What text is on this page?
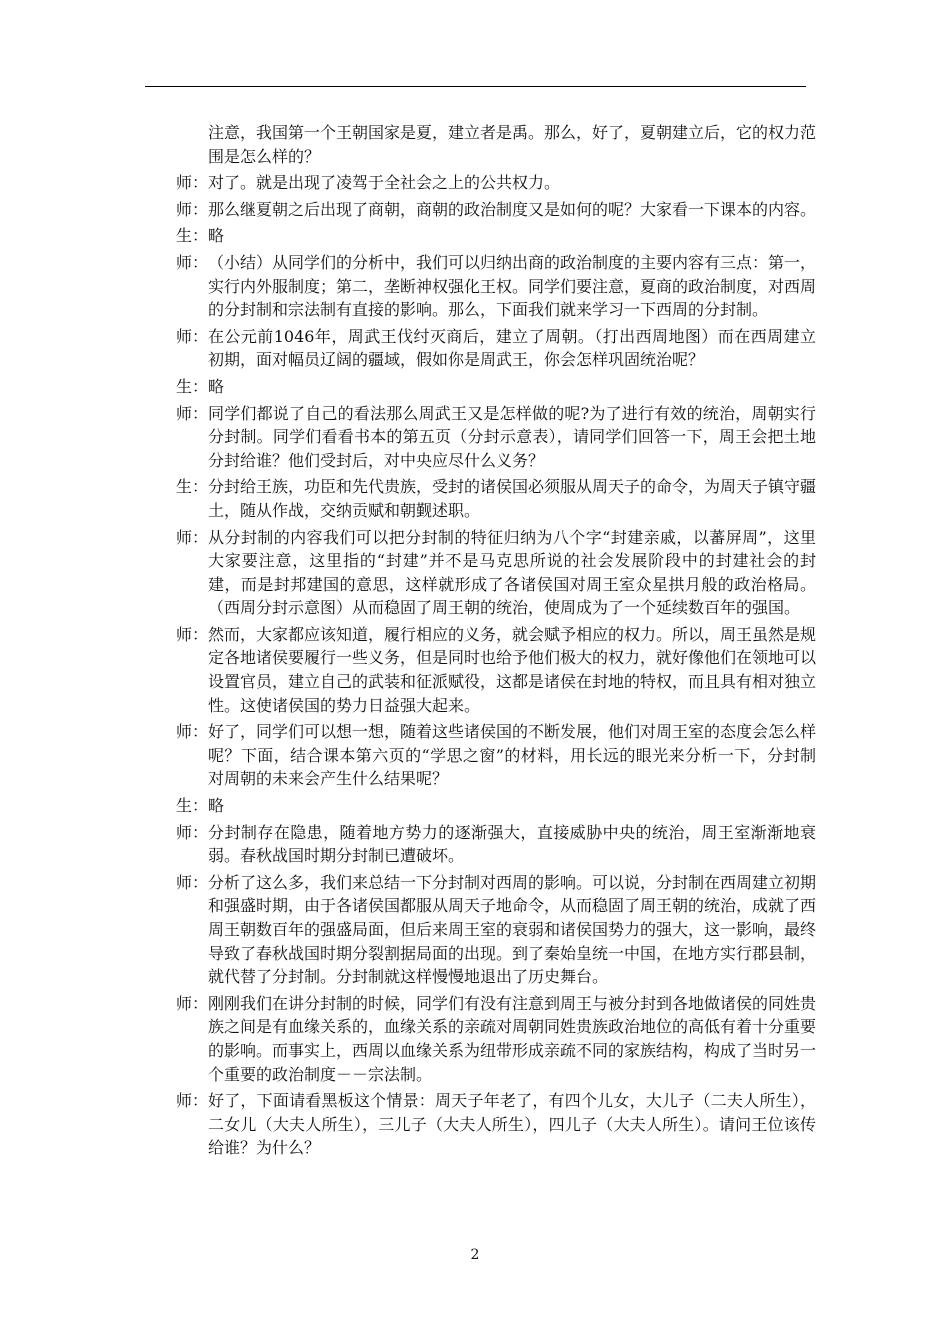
注意，我国第一个王朝国家是夏，建立者是禹。那么，好了，夏朝建立后，它的权力范围是怎么样的？
师： 对了。就是出现了凌驾于全社会之上的公共权力。
师： 那么继夏朝之后出现了商朝，商朝的政治制度又是如何的呢？大家看一下课本的内容。
生： 略
师： （小结）从同学们的分析中，我们可以归纳出商的政治制度的主要内容有三点：第一，实行内外服制度；第二，垄断神权强化王权。同学们要注意，夏商的政治制度，对西周的分封制和宗法制有直接的影响。那么，下面我们就来学习一下西周的分封制。
师： 在公元前1046年，周武王伐纣灭商后，建立了周朝。（打出西周地图）而在西周建立初期，面对幅员辽阔的疆域，假如你是周武王，你会怎样巩固统治呢？
生： 略
师： 同学们都说了自己的看法那么周武王又是怎样做的呢?为了进行有效的统治，周朝实行分封制。同学们看看书本的第五页（分封示意表），请同学们回答一下，周王会把土地分封给谁？他们受封后，对中央应尽什么义务？
生： 分封给王族，功臣和先代贵族，受封的诸侯国必须服从周天子的命令，为周天子镇守疆土，随从作战，交纳贡赋和朝觐述职。
师： 从分封制的内容我们可以把分封制的特征归纳为八个字“封建亲戚，以蕃屏周”，这里大家要注意，这里指的“封建”并不是马克思所说的社会发展阶段中的封建社会的封建，而是封邦建国的意思，这样就形成了各诸侯国对周王室众星拱月般的政治格局。（西周分封示意图）从而稳固了周王朝的统治，使周成为了一个延续数百年的强国。
师： 然而，大家都应该知道，履行相应的义务，就会赋予相应的权力。所以，周王虽然是规定各地诸侯要履行一些义务，但是同时也给予他们极大的权力，就好像他们在领地可以设置官员，建立自己的武装和征派赋役，这都是诸侯在封地的特权，而且具有相对独立性。这使诸侯国的势力日益强大起来。
师： 好了，同学们可以想一想，随着这些诸侯国的不断发展，他们对周王室的态度会怎么样呢？下面，结合课本第六页的“学思之窗”的材料，用长远的眼光来分析一下，分封制对周朝的未来会产生什么结果呢？
生： 略
师： 分封制存在隐患，随着地方势力的逐渐强大，直接威胁中央的统治，周王室渐渐地衰弱。春秋战国时期分封制已遭破坏。
师： 分析了这么多，我们来总结一下分封制对西周的影响。可以说，分封制在西周建立初期和强盛时期，由于各诸侯国都服从周天子地命令，从而稳固了周王朝的统治，成就了西周王朝数百年的强盛局面，但后来周王室的衰弱和诸侯国势力的强大，这一影响，最终导致了春秋战国时期分裂割据局面的出现。到了秦始皇统一中国，在地方实行郡县制，就代替了分封制。分封制就这样慢慢地退出了历史舞台。
师： 刚刚我们在讲分封制的时候，同学们有没有注意到周王与被分封到各地做诸侯的同姓贵族之间是有血缘关系的，血缘关系的亲疏对周朝同姓贵族政治地位的高低有着十分重要的影响。而事实上，西周以血缘关系为纽带形成亲疏不同的家族结构，构成了当时另一个重要的政治制度－－宗法制。
师： 好了，下面请看黑板这个情景：周天子年老了，有四个儿女，大儿子（二夫人所生），二女儿（大夫人所生），三儿子（大夫人所生），四儿子（大夫人所生）。请问王位该传给谁？为什么？
2
